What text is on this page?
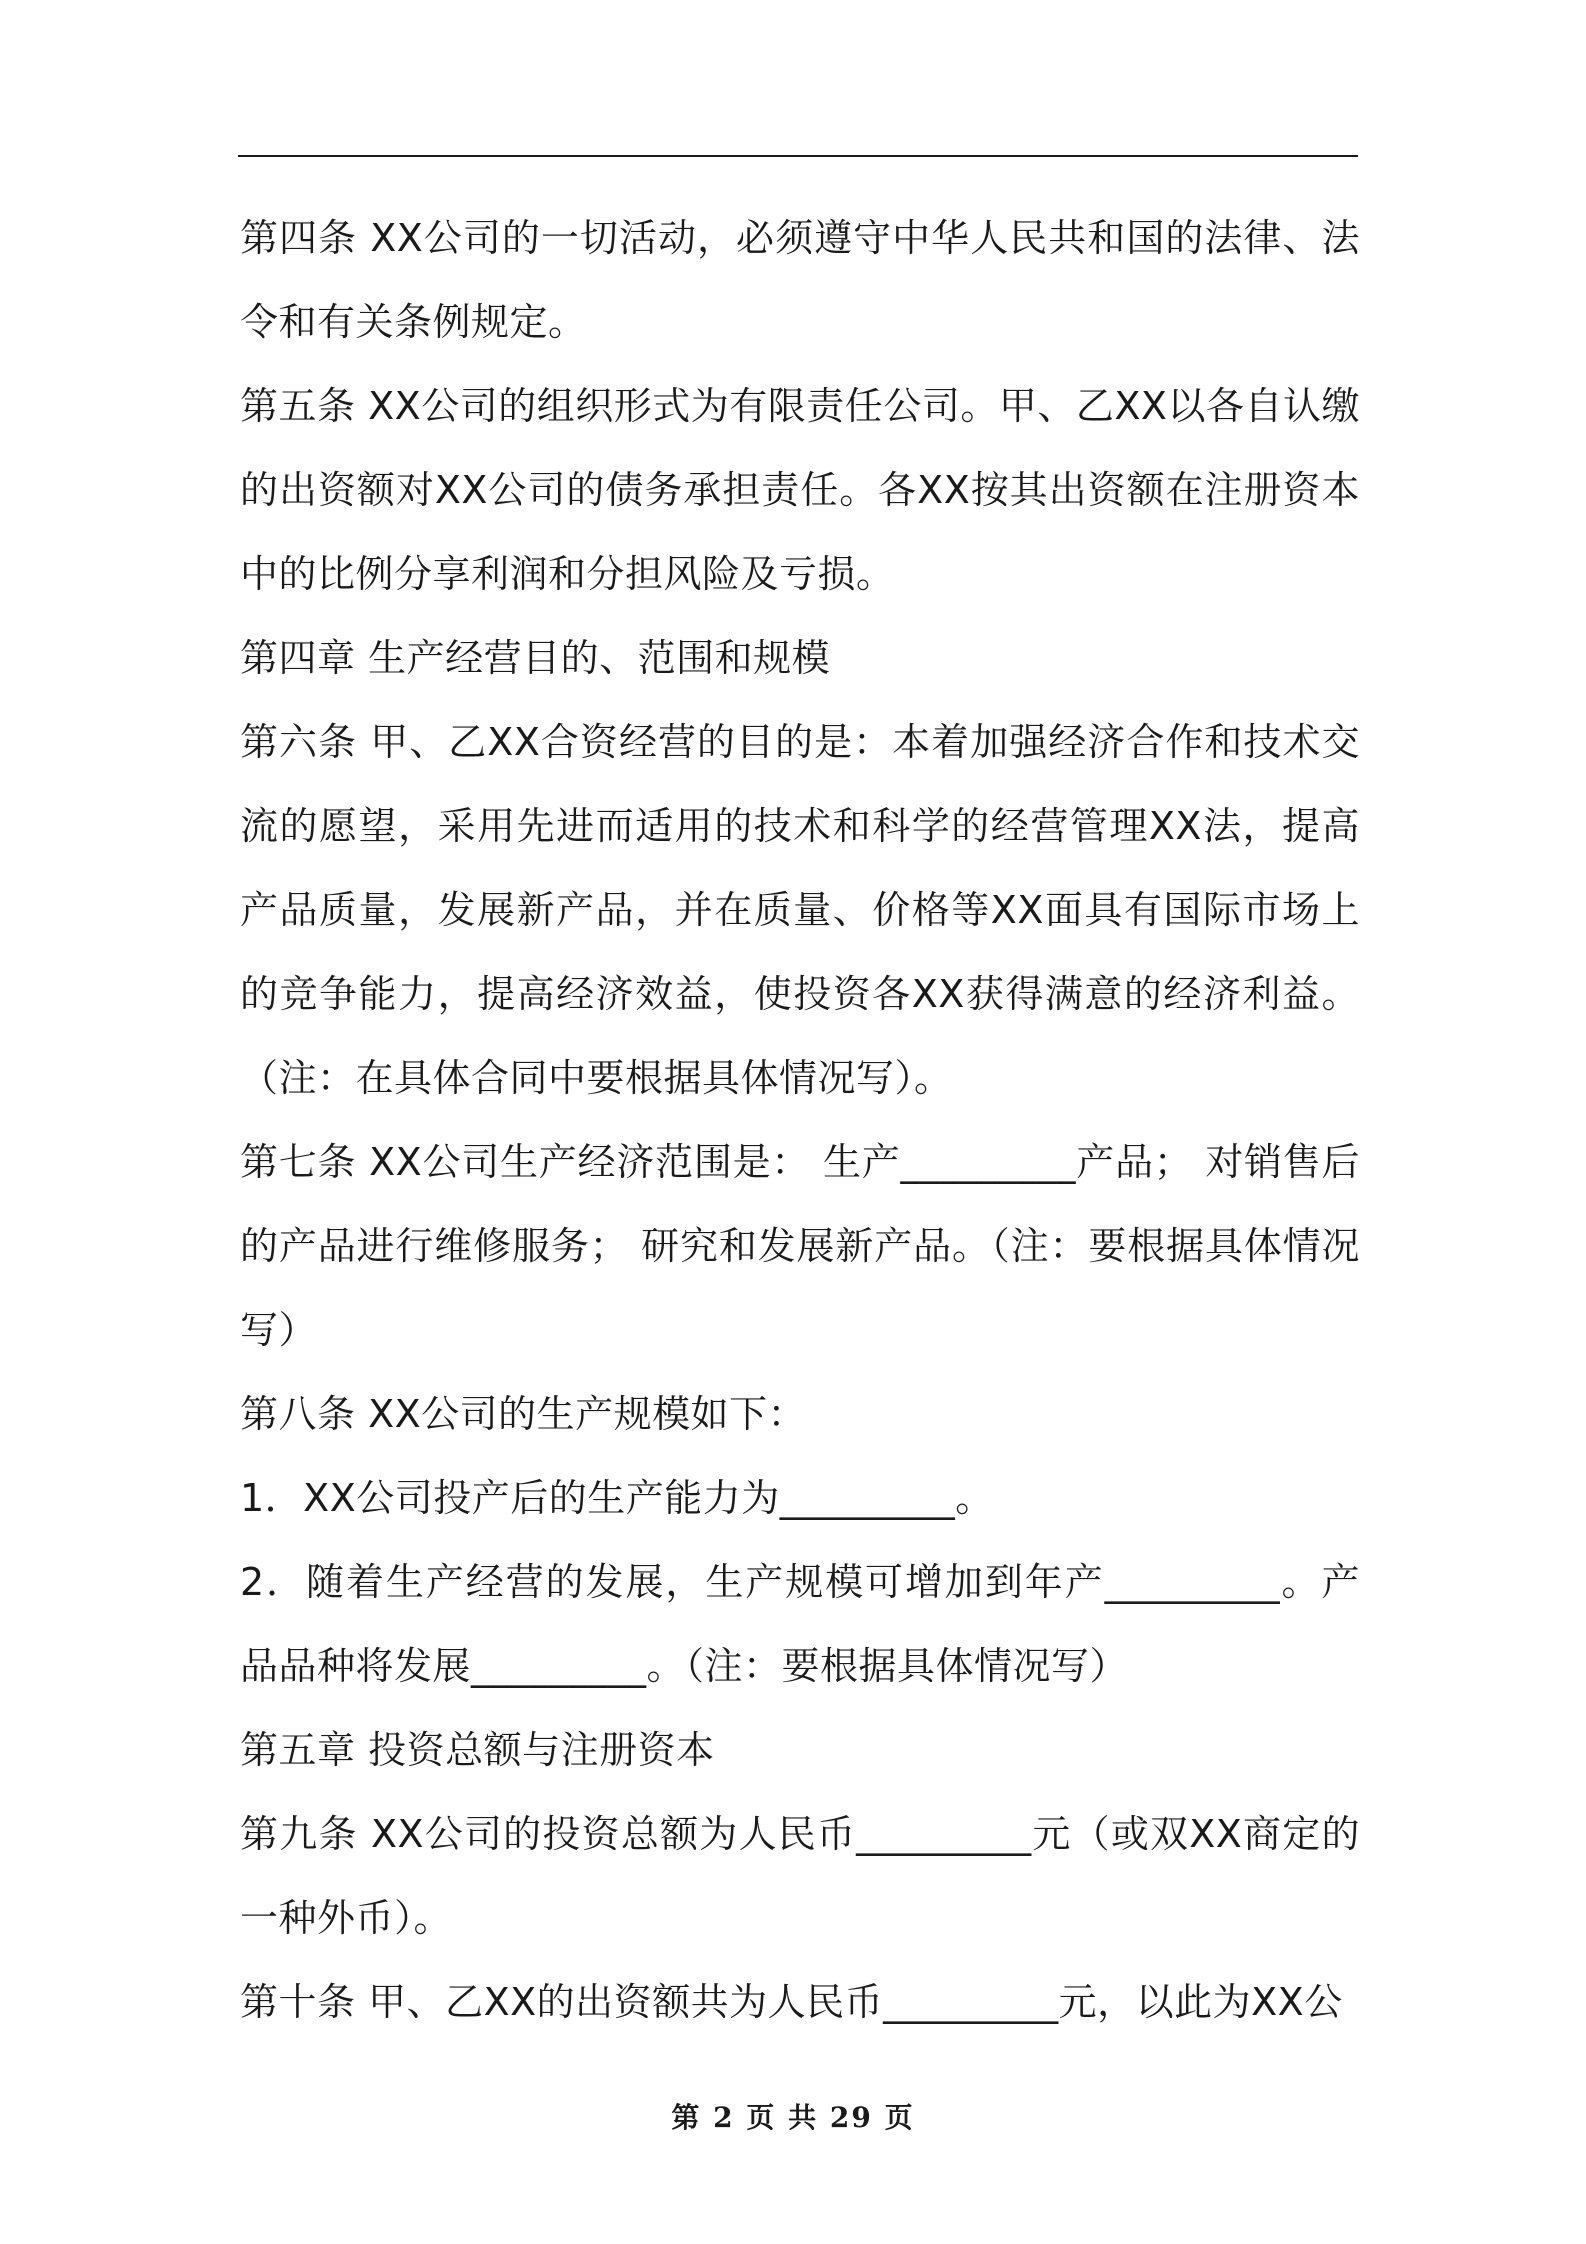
第四条 XX公司的一切活动，必须遵守中华人民共和国的法律、法令和有关条例规定。

第五条 XX公司的组织形式为有限责任公司。甲、乙XX以各自认缴的出资额对XX公司的债务承担责任。各XX按其出资额在注册资本中的比例分享利润和分担风险及亏损。

第四章 生产经营目的、范围和规模

第六条 甲、乙XX合资经营的目的是：本着加强经济合作和技术交流的愿望，采用先进而适用的技术和科学的经营管理XX法，提高产品质量，发展新产品，并在质量、价格等XX面具有国际市场上的竞争能力，提高经济效益，使投资各XX获得满意的经济利益。（注：在具体合同中要根据具体情况写）。

第七条 XX公司生产经济范围是： 生产_________产品； 对销售后的产品进行维修服务； 研究和发展新产品。（注：要根据具体情况写）

第八条 XX公司的生产规模如下：

1．XX公司投产后的生产能力为_________。

2．随着生产经营的发展，生产规模可增加到年产_________。产品品种将发展_________。（注：要根据具体情况写）

第五章 投资总额与注册资本

第九条 XX公司的投资总额为人民币_________元（或双XX商定的一种外币）。

第十条 甲、乙XX的出资额共为人民币_________元，以此为XX公

第 2 页 共 29 页
